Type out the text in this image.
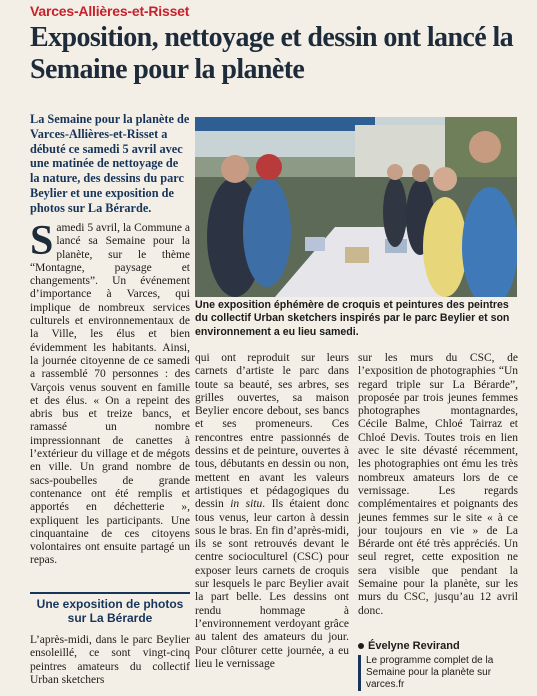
Varces-Allières-et-Risset
Exposition, nettoyage et dessin ont lancé la Semaine pour la planète
La Semaine pour la planète de Varces-Allières-et-Risset a débuté ce samedi 5 avril avec une matinée de nettoyage de la nature, des dessins du parc Beylier et une exposition de photos sur La Bérarde.
Une exposition éphémère de croquis et peintures des peintres du collectif Urban sketchers inspirés par le parc Beylier et son environnement a eu lieu samedi.
S amedi 5 avril, la Commune a lancé sa Semaine pour la planète, sur le thème “Montagne, paysage et changements”. Un événement d’importance à Varces, qui implique de nombreux services culturels et environnementaux de la Ville, les élus et bien évidemment les habitants. Ainsi, la journée citoyenne de ce samedi a rassemblé 70 personnes : des Varçois venus souvent en famille et des élus. « On a repeint des abris bus et treize bancs, et ramassé un nombre impressionnant de canettes à l’extérieur du village et de mégots en ville. Un grand nombre de sacs-poubelles de grande contenance ont été remplis et apportés en déchetterie », expliquent les participants. Une cinquantaine de ces citoyens volontaires ont ensuite partagé un repas.
Une exposition de photos sur La Bérarde
L’après-midi, dans le parc Beylier ensoleillé, ce sont vingt-cinq peintres amateurs du collectif Urban sketchers
qui ont reproduit sur leurs carnets d’artiste le parc dans toute sa beauté, ses arbres, ses grilles ouvertes, sa maison Beylier encore debout, ses bancs et ses promeneurs. Ces rencontres entre passionnés de dessins et de peinture, ouvertes à tous, débutants en dessin ou non, mettent en avant les valeurs artistiques et pédagogiques du dessin in situ. Ils étaient donc tous venus, leur carton à dessin sous le bras. En fin d’après-midi, ils se sont retrouvés devant le centre socioculturel (CSC) pour exposer leurs carnets de croquis sur lesquels le parc Beylier avait la part belle. Les dessins ont rendu hommage à l’environnement verdoyant grâce au talent des amateurs du jour. Pour clôturer cette journée, a eu lieu le vernissage
sur les murs du CSC, de l’exposition de photographies “Un regard triple sur La Bérarde”, proposée par trois jeunes femmes photographes montagnardes, Cécile Balme, Chloé Tairraz et Chloé Devis. Toutes trois en lien avec le site dévasté récemment, les photographies ont ému les très nombreux amateurs lors de ce vernissage. Les regards complémentaires et poignants des jeunes femmes sur le site « à ce jour toujours en vie » de La Bérarde ont été très appréciés. Un seul regret, cette exposition ne sera visible que pendant la Semaine pour la planète, sur les murs du CSC, jusqu’au 12 avril donc.
Évelyne Revirand
Le programme complet de la Semaine pour la planète sur varces.fr
